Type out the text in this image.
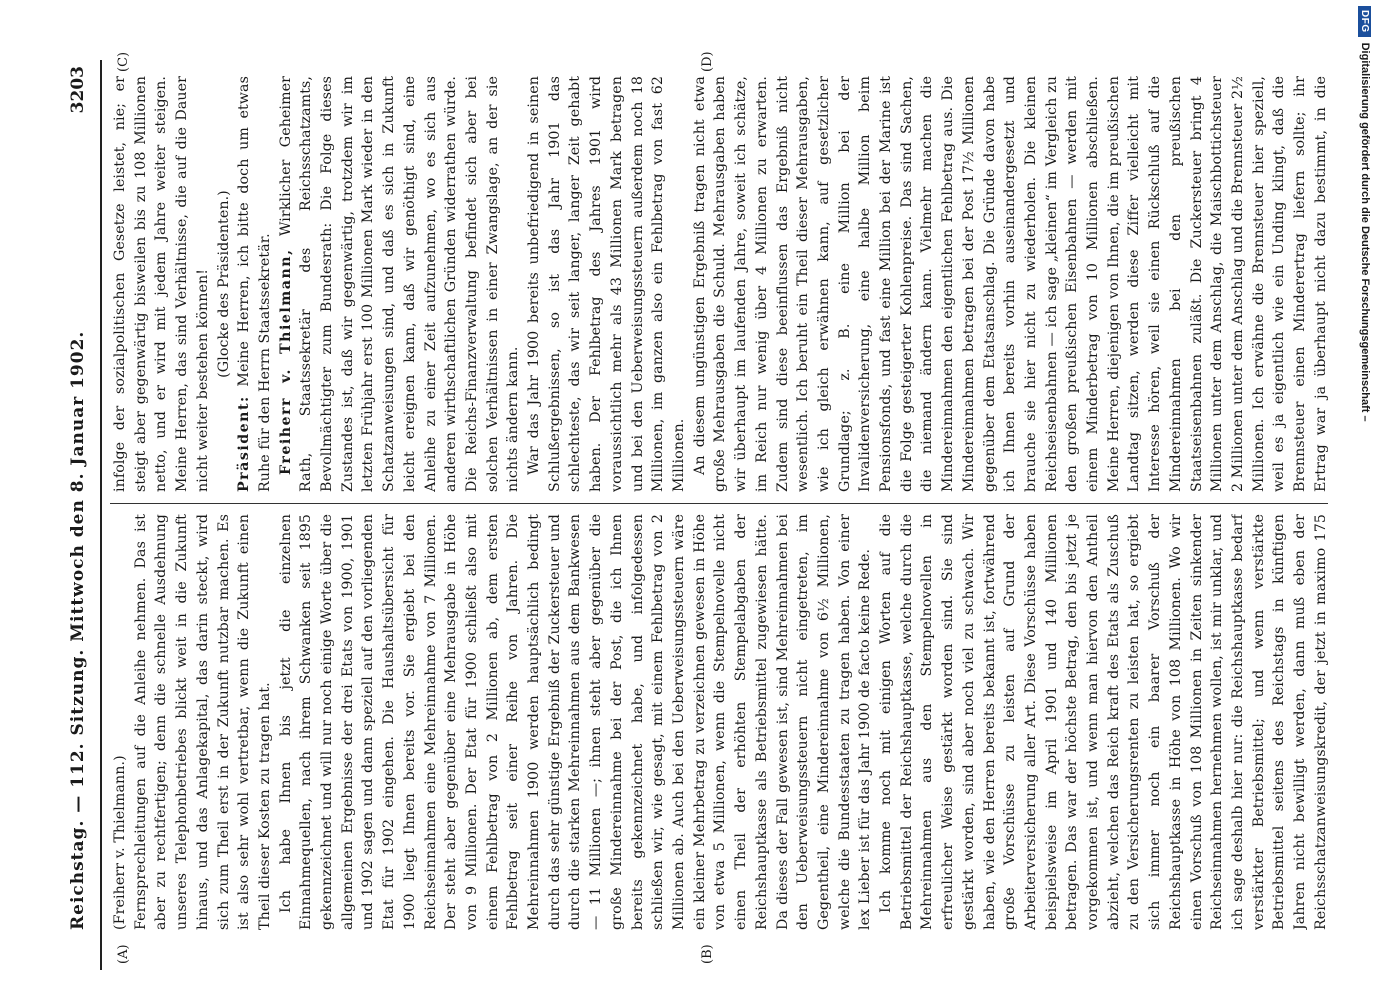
Reichstag. — 112. Sitzung. Mittwoch den 8. Januar 1902.
3203
(A)	(B)
(C)	(D)

(Freiherr v. Thielmann.) Fernsprechleitungen auf die Anleihe nehmen. Das ist aber zu rechtfertigen; denn die schnelle Ausdehnung unseres Telephonbetriebes blickt weit in die Zukunft hinaus, und das Anlagekapital, das darin steckt, wird sich zum Theil erst in der Zukunft nutzbar machen. Es ist also sehr wohl vertretbar, wenn die Zukunft einen Theil dieser Kosten zu tragen hat. Ich habe Ihnen bis jetzt die einzelnen Einnahmequellen, nach ihrem Schwanken seit 1895 gekennzeichnet und will nur noch einige Worte über die allgemeinen Ergebnisse der drei Etats von 1900, 1901 und 1902 sagen und dann speziell auf den vorliegenden Etat für 1902 eingehen. Die Haushaltsübersicht für 1900 liegt Ihnen bereits vor. Sie ergiebt bei den Reichseinnahmen eine Mehreinnahme von 7 Millionen. Der steht aber gegenüber eine Mehrausgabe in Höhe von 9 Millionen. Der Etat für 1900 schließt also mit einem Fehlbetrag von 2 Millionen ab, dem ersten Fehlbetrag seit einer Reihe von Jahren. Die Mehreinnahmen 1900 werden hauptsächlich bedingt durch das sehr günstige Ergebniß der Zuckersteuer und durch die starken Mehreinnahmen aus dem Bankwesen — 11 Millionen —; ihnen steht aber gegenüber die große Mindereinnahme bei der Post, die ich Ihnen bereits gekennzeichnet habe, und infolgedessen schließen wir, wie gesagt, mit einem Fehlbetrag von 2 Millionen ab. Auch bei den Ueberweisungssteuern wäre ein kleiner Mehrbetrag zu verzeichnen gewesen in Höhe von etwa 5 Millionen, wenn die Stempelnovelle nicht einen Theil der erhöhten Stempelabgaben der Reichshauptkasse als Betriebsmittel zugewiesen hätte. Da dieses der Fall gewesen ist, sind Mehreinnahmen bei den Ueberweisungssteuern nicht eingetreten, im Gegentheil, eine Mindereinnahme von 6½ Millionen, welche die Bundesstaaten zu tragen haben. Von einer lex Lieber ist für das Jahr 1900 de facto keine Rede. Ich komme noch mit einigen Worten auf die Betriebsmittel der Reichshauptkasse, welche durch die Mehreinnahmen aus den Stempelnovellen in erfreulicher Weise gestärkt worden sind. Sie sind gestärkt worden, sind aber noch viel zu schwach. Wir haben, wie den Herren bereits bekannt ist, fortwährend große Vorschüsse zu leisten auf Grund der Arbeiterversicherung aller Art. Diese Vorschüsse haben beispielsweise im April 1901 und 140 Millionen betragen. Das war der höchste Betrag, den bis jetzt je vorgekommen ist, und wenn man hiervon den Antheil abzieht, welchen das Reich kraft des Etats als Zuschuß zu den Versicherungsrenten zu leisten hat, so ergiebt sich immer noch ein baarer Vorschuß der Reichshauptkasse in Höhe von 108 Millionen. Wo wir einen Vorschuß von 108 Millionen in Zeiten sinkender Reichseinnahmen hernehmen wollen, ist mir unklar, und ich sage deshalb hier nur: die Reichshauptkasse bedarf verstärkter Betriebsmittel; und wenn verstärkte Betriebsmittel seitens des Reichstags in künftigen Jahren nicht bewilligt werden, dann muß eben der Reichsschatzanweisungskredit, der jetzt in maximo 175

infolge der sozialpolitischen Gesetze leistet, nie; er steigt aber gegenwärtig bisweilen bis zu 108 Millionen netto, und er wird mit jedem Jahre weiter steigen. Meine Herren, das sind Verhältnisse, die auf die Dauer nicht weiter bestehen können! (Glocke des Präsidenten.)

Präsident: Meine Herren, ich bitte doch um etwas Ruhe für den Herrn Staatssekretär. Freiherr v. Thielmann, Wirklicher Geheimer Rath, Staatssekretär des Reichsschatzamts, Bevollmächtigter zum Bundesrath: Die Folge dieses Zustandes ist, daß wir gegenwärtig, trotzdem wir im letzten Frühjahr erst 100 Millionen Mark wieder in den Schatzanweisungen sind, und daß es sich in Zukunft leicht ereignen kann, daß wir genöthigt sind, eine Anleihe zu einer Zeit aufzunehmen, wo es sich aus anderen wirthschaftlichen Gründen widerrathen würde. Die Reichs-Finanzverwaltung befindet sich aber bei solchen Verhältnissen in einer Zwangslage, an der sie nichts ändern kann. War das Jahr 1900 bereits unbefriedigend in seinen Schlußergebnissen, so ist das Jahr 1901 das schlechteste, das wir seit langer, langer Zeit gehabt haben. Der Fehlbetrag des Jahres 1901 wird voraussichtlich mehr als 43 Millionen Mark betragen und bei den Ueberweisungssteuern außerdem noch 18 Millionen, im ganzen also ein Fehlbetrag von fast 62 Millionen. An diesem ungünstigen Ergebniß tragen nicht etwa große Mehrausgaben die Schuld. Mehrausgaben haben wir überhaupt im laufenden Jahre, soweit ich schätze, im Reich nur wenig über 4 Millionen zu erwarten. Zudem sind diese beeinflussen das Ergebniß nicht wesentlich. Ich beruht ein Theil dieser Mehrausgaben, wie ich gleich erwähnen kann, auf gesetzlicher Grundlage; z. B. eine Million bei der Invalidenversicherung, eine halbe Million beim Pensionsfonds, und fast eine Million bei der Marine ist die Folge gesteigerter Kohlenpreise. Das sind Sachen, die niemand ändern kann. Vielmehr machen die Mindereinnahmen den eigentlichen Fehlbetrag aus. Die Mindereinnahmen betragen bei der Post 17½ Millionen gegenüber dem Etatsanschlag. Die Gründe davon habe ich Ihnen bereits vorhin auseinandergesetzt und brauche sie hier nicht zu wiederholen. Die kleinen Reichseisenbahnen — ich sage „kleinen“ im Vergleich zu den großen preußischen Eisenbahnen — werden mit einem Minderbetrag von 10 Millionen abschließen. Meine Herren, diejenigen von Ihnen, die im preußischen Landtag sitzen, werden diese Ziffer vielleicht mit Interesse hören, weil sie einen Rückschluß auf die Mindereinnahmen bei den preußischen Staatseisenbahnen zuläßt. Die Zuckersteuer bringt 4 Millionen unter dem Anschlag, die Maischbottichsteuer 2 Millionen unter dem Anschlag und die Brennsteuer 2½ Millionen. Ich erwähne die Brennsteuer hier speziell, weil es ja eigentlich wie ein Unding klingt, daß die Brennsteuer einen Minderertrag liefern sollte; ihr Ertrag war ja überhaupt nicht dazu bestimmt, in die

DFG
Digitalisierung gefördert durch die Deutsche Forschungsgemeinschaft –
